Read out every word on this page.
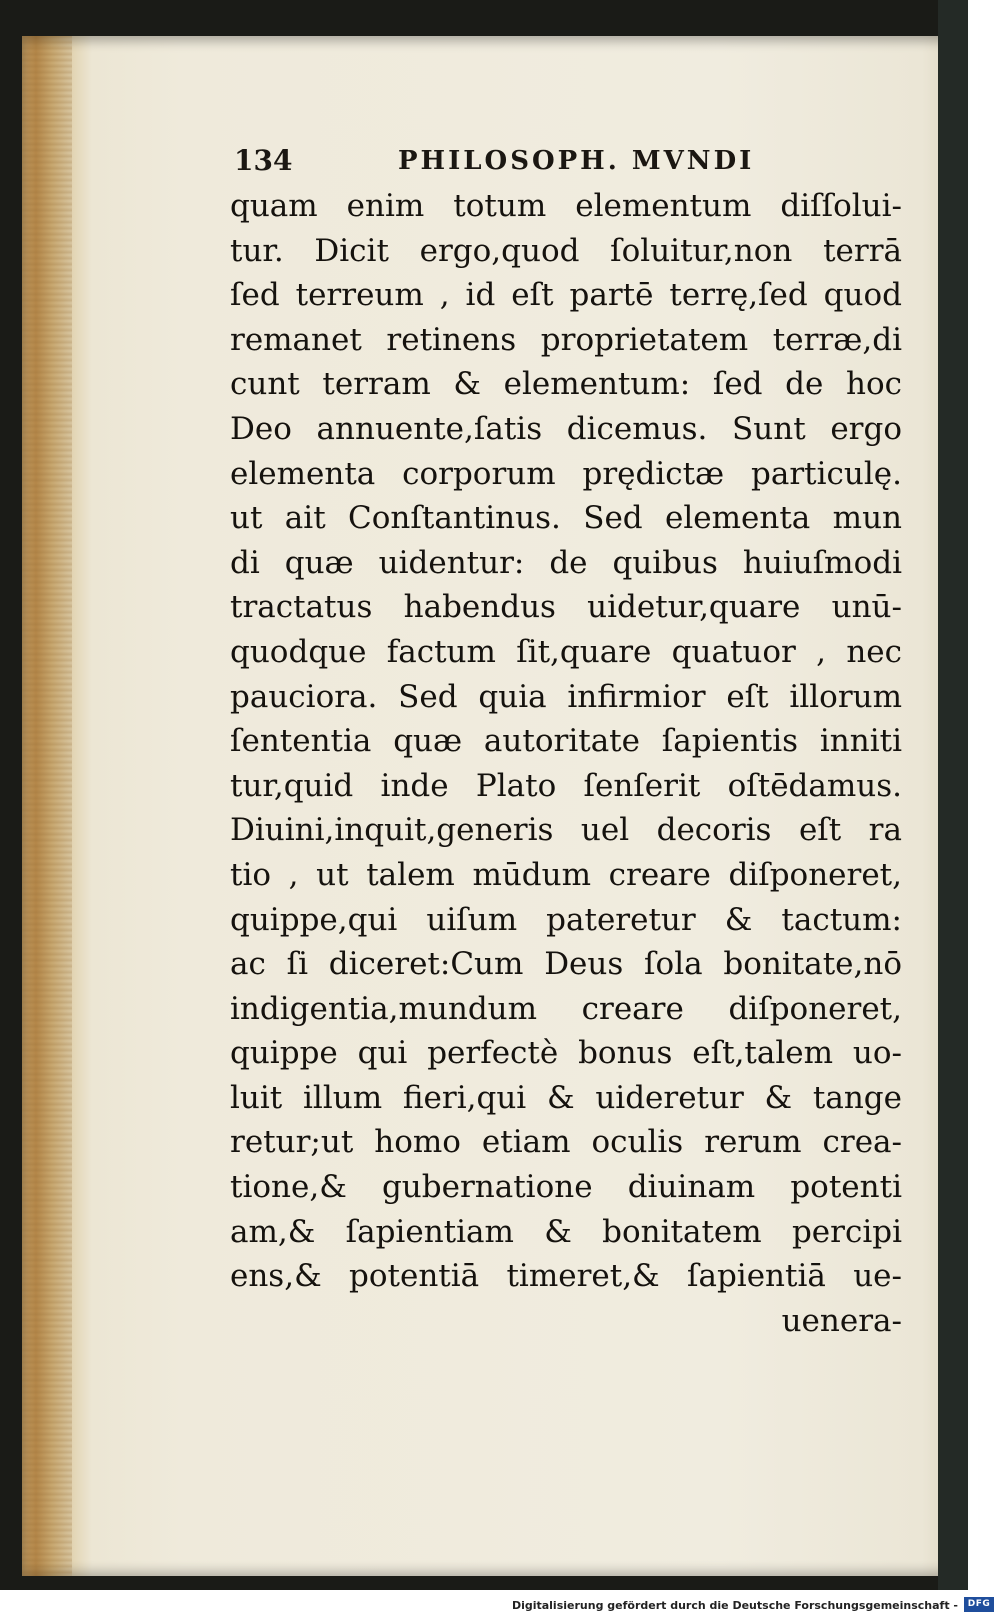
134	PHILOSOPH. MVNDI
quam enim totum elementum diſſolui-
tur. Dicit ergo,quod ſoluitur,non terrā
ſed terreum , id eſt partē terrę,ſed quod
remanet retinens proprietatem terræ,di
cunt terram & elementum: ſed de hoc
Deo annuente,ſatis dicemus. Sunt ergo
elementa corporum prędictæ particulę.
ut ait Conſtantinus. Sed elementa mun
di quæ uidentur: de quibus huiuſmodi
tractatus habendus uidetur,quare unū-
quodque factum ſit,quare quatuor , nec
pauciora. Sed quia infirmior eſt illorum
ſententia quæ autoritate ſapientis inniti
tur,quid inde Plato ſenſerit oſtēdamus.
Diuini,inquit,generis uel decoris eſt ra
tio , ut talem mūdum creare diſponeret,
quippe,qui uiſum pateretur & tactum:
ac ſi diceret:Cum Deus ſola bonitate,nō
indigentia,mundum creare diſponeret,
quippe qui perfectè bonus eſt,talem uo-
luit illum fieri,qui & uideretur & tange
retur;ut homo etiam oculis rerum crea-
tione,& gubernatione diuinam potenti
am,& ſapientiam & bonitatem percipi
ens,& potentiā timeret,& ſapientiā ue-
uenera-
Digitalisierung gefördert durch die Deutsche Forschungsgemeinschaft -	DFG
